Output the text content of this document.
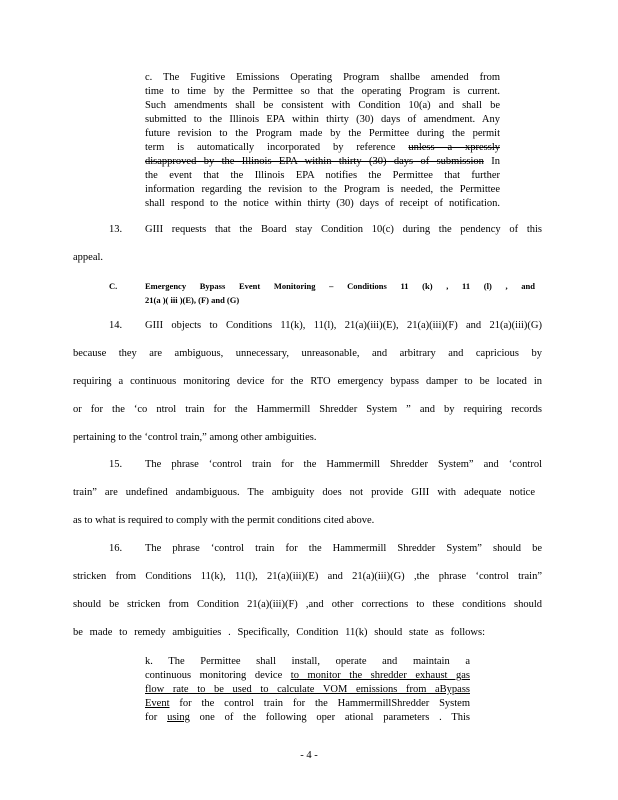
c. The Fugitive Emissions Operating Program shallbe amended from
time to time by the Permittee so that the operating Program is current.
Such amendments shall be consistent with Condition 10(a) and shall be
submitted to the Illinois EPA within thirty (30) days of amendment. Any
future revision to the Program made by the Permittee during the permit
term is automatically incorporated by reference unless a xpressly
disapproved by the Illinois EPA within thirty (30) days of submission In
the event that the Illinois EPA notifies the Permittee that further
information regarding the revision to the Program is needed, the Permittee
shall respond to the notice within thirty (30) days of receipt of notification.
13. GIII requests that the Board stay Condition 10(c) during the pendency of this
appeal.
C.	Emergency Bypass Event Monitoring – Conditions 11 (k) , 11 (l) , and
21(a )( iii )(E), (F) and (G)
14. GIII objects to Conditions 11(k), 11(l), 21(a)(iii)(E), 21(a)(iii)(F) and 21(a)(iii)(G)
because they are ambiguous, unnecessary, unreasonable, and arbitrary and capricious by
requiring a continuous monitoring device for the RTO emergency bypass damper to be located in
or for the ‘co ntrol train for the Hammermill Shredder System ” and by requiring records
pertaining to the ‘control train,” among other ambiguities.
15. The phrase ‘control train for the Hammermill Shredder System” and ‘control
train” are undefined andambiguous. The ambiguity does not provide GIII with adequate notice
as to what is required to comply with the permit conditions cited above.
16. The phrase ‘control train for the Hammermill Shredder System” should be
stricken from Conditions 11(k), 11(l), 21(a)(iii)(E) and 21(a)(iii)(G) ,the phrase ‘control train”
should be stricken from Condition 21(a)(iii)(F) ,and other corrections to these conditions should
be made to remedy ambiguities . Specifically, Condition 11(k) should state as follows:
k. The Permittee shall install, operate and maintain a
continuous monitoring device to monitor the shredder exhaust gas
flow rate to be used to calculate VOM emissions from aBypass
Event for the control train for the HammermillShredder System
for using one of the following oper ational parameters . This
- 4 -
